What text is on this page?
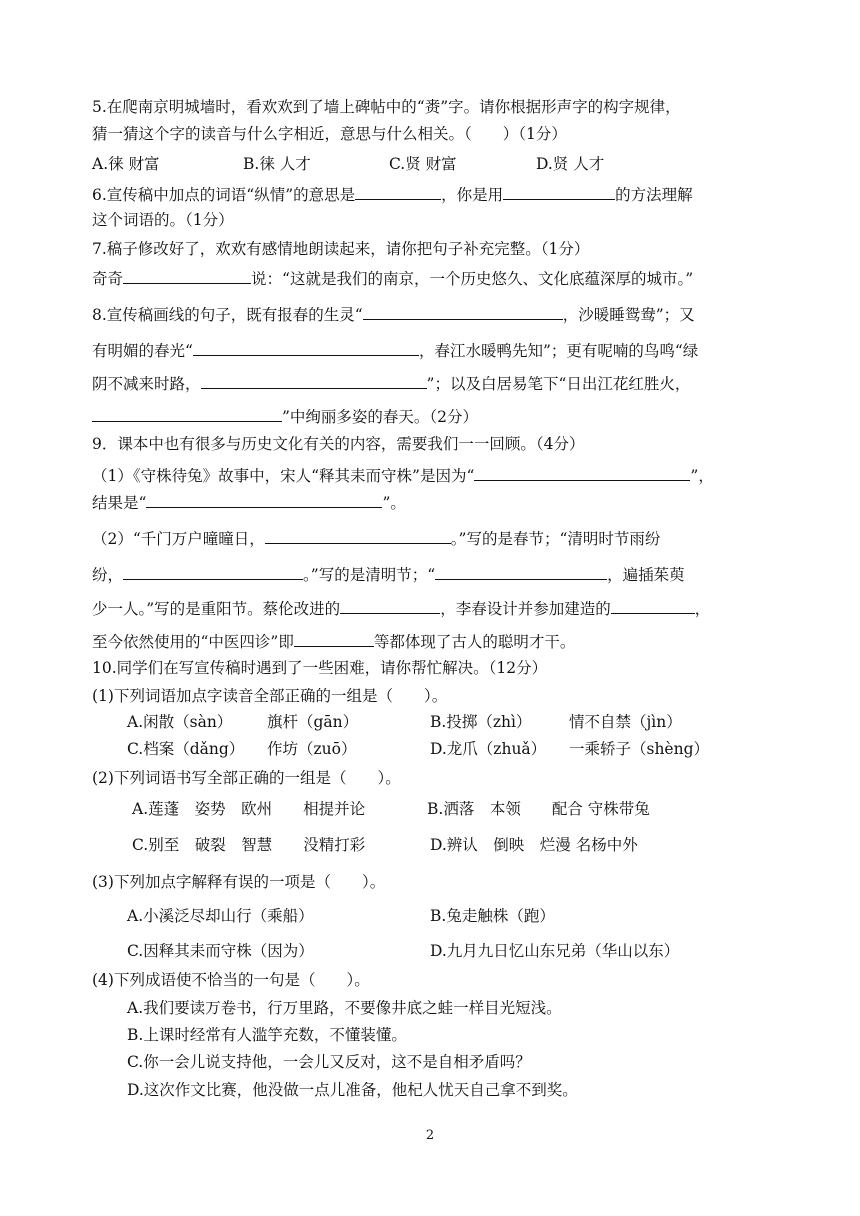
5.在爬南京明城墙时，看欢欢到了墙上碑帖中的“赉”字。请你根据形声字的构字规律，
猜一猜这个字的读音与什么字相近，意思与什么相关。（　　）（1分）
A.徕 财富	B.徕 人才	C.贤 财富	D.贤 人才
6.宣传稿中加点的词语“纵情”的意思是	，你是用	的方法理解
这个词语的。（1分）
7.稿子修改好了，欢欢有感情地朗读起来，请你把句子补充完整。（1分）
奇奇	说：“这就是我们的南京，一个历史悠久、文化底蕴深厚的城市。”
8.宣传稿画线的句子，既有报春的生灵“	，沙暖睡鸳鸯”；又
有明媚的春光“	，春江水暖鸭先知”；更有呢喃的鸟鸣“绿
阴不减来时路，	”；以及白居易笔下“日出江花红胜火，
”中绚丽多姿的春天。（2分）
9．课本中也有很多与历史文化有关的内容，需要我们一一回顾。（4分）
（1）《守株待兔》故事中，宋人“释其耒而守株”是因为“	”，
结果是“	”。
（2）“千门万户曈曈日，	。”写的是春节；“清明时节雨纷
纷，	。”写的是清明节；“	，遍插茱萸
少一人。”写的是重阳节。蔡伦改进的	，李春设计并参加建造的	，
至今依然使用的“中医四诊”即	等都体现了古人的聪明才干。
10.同学们在写宣传稿时遇到了一些困难，请你帮忙解决。（12分）
(1)下列词语加点字读音全部正确的一组是（　　）。
A.闲散（sàn） 旗杆（gān）	B.投掷（zhì） 情不自禁（jìn）
C.档案（dǎng） 作坊（zuō）	D.龙爪（zhuǎ） 一乘轿子（shèng）
(2)下列词语书写全部正确的一组是（　　）。
A.莲蓬　姿势　欧州　　相提并论	B.洒落　本领　　配合 守株带兔
C.别至　破裂　智慧　　没精打彩	D.辨认　倒映　烂漫 名杨中外
(3)下列加点字解释有误的一项是（　　）。
A.小溪泛尽却山行（乘船）	B.兔走触株（跑）
C.因释其耒而守株（因为）	D.九月九日忆山东兄弟（华山以东）
(4)下列成语使不恰当的一句是（　　）。
A.我们要读万卷书，行万里路，不要像井底之蛙一样目光短浅。
B.上课时经常有人滥竽充数，不懂装懂。
C.你一会儿说支持他，一会儿又反对，这不是自相矛盾吗？
D.这次作文比赛，他没做一点儿准备，他杞人忧天自己拿不到奖。
2
